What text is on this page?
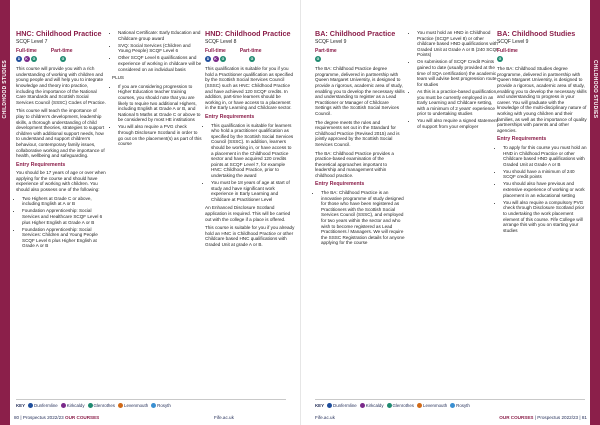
CHILDHOOD STUDIES
HNC: Childhood Practice
SCQF Level 7
Full-time	Part-time
D	K	G	G

This course will provide you with a rich understanding of working with children and young people and will help you to integrate knowledge and theory into practice, including the importance of the National Care Standards and Scottish Social Services Council (SSSC) Codes of Practice.

This course will teach the importance of play to children's development, leadership skills, a thorough understanding of child development theories, strategies to support children with additional support needs, how to understand and support children's behaviour, contemporary family issues, collaborative working and the importance of health, wellbeing and safeguarding.

Entry Requirements

You should be 17 years of age or over when applying for the course and should have experience of working with children. You should also possess one of the following:

• Two Highers at Grade C or above, including English at A or B
• Foundation Apprenticeship: Social Services and Healthcare SCQF Level 6 plus Higher English at Grade A or B
• Foundation Apprenticeship: Social Services: Children and Young People SCQF Level 6 plus Higher English at Grade A or B
• National Certificate: Early Education and Childcare group award
• SVQ: Social Services (Children and Young People) SCQF Level 6
• Other SCQF Level 6 qualifications and experience of working in childcare will be considered on an individual basis

PLUS

• If you are considering progression to Higher Education teacher training courses, you should note that you are likely to require two additional Highers, including English at Grade A or B, and National 5 Maths at Grade C or above to be considered by most HE institutions
• You will also require a PVG check through Disclosure Scotland in order to go out on the placement(s) as part of this course
HND: Childhood Practice
SCQF Level 8
Full-time	Part-time
D	K	G	G

This qualification is suitable for you if you hold a Practitioner qualification as specified by the Scottish Social Services Council (SSSC) such as HNC: Childhood Practice and have achieved 120 SCQF credits. In addition, part-time learners should be working in, or have access to a placement in the Early Learning and Childcare sector.

Entry Requirements
• This qualification is suitable for learners who hold a practitioner qualification as specified by the Scottish Social Services Council (SSSC). In addition, learners should be working in, or have access to a placement in the Childhood Practice sector and have acquired 120 credits points at SCQF Level 7, for example HNC: Childhood Practice, prior to undertaking the award
• You must be 18 years of age at start of study and have significant work experience in Early Learning and Childcare at Practitioner Level

An Enhanced Disclosure Scotland application is required. This will be carried out with the college if a place is offered.

This course is suitable for you if you already hold an HNC in Childhood Practice or other Childcare based HNC qualifications with Graded Unit at grade A or B.

KEY	Dunfermline	Kirkcaldy	Glenrothes	Levenmouth	Rosyth
80 | Prospectus 2022/23 OUR COURSES	Fife.ac.uk
CHILDHOOD STUDIES
BA: Childhood Practice
SCQF Level 9
Part-time
G

The BA: Childhood Practice degree programme, delivered in partnership with Queen Margaret University, is designed to provide a rigorous, academic area of study, enabling you to develop the necessary skills and understanding to register as a Lead Practitioner or Manager of Childcare Settings with the Scottish Social Services Council.

The degree meets the rules and requirements set out in the Standard for Childhood Practice (Revised 2015) and is jointly approved by the Scottish Social Services Council.

The BA: Childhood Practice provides a practice-based examination of the theoretical approaches important to leadership and management within childhood practice.

Entry Requirements
• The BA: Childhood Practice is an innovative programme of study designed for those who have been registered as Practitioners with the Scottish Social Services Council (SSSC), and employed for two years within the sector and who wish to become registered as Lead Practitioners / Managers. We will require the SSSC Registration details for anyone applying for the course
• You must hold an HND in Childhood Practice (SCQF Level 8) or other childcare based HND qualifications with Graded Unit at Grade A or B (240 SCQF Points)
• On submission of SCQF Credit Points gained to date (usually provided at the time of SQA certification) the academic team will advise best progression route for studies
• As this is a practice-based qualification, you must be currently employed in an Early Learning and Childcare setting, with a minimum of 2 years' experience prior to undertaking studies
• You will also require a signed statement of support from your employer
BA: Childhood Studies
SCQF Level 9
Full-time
G

The BA: Childhood Studies degree programme, delivered in partnership with Queen Margaret University, is designed to provide a rigorous, academic area of study, enabling you to develop the necessary skills and understanding to progress in your career. You will graduate with the knowledge of the multi-disciplinary nature of working with young children and their families, as well as the importance of quality partnerships with parents and other agencies.

Entry Requirements
• To apply for this course you must hold an HND in Childhood Practice or other Childcare based HND qualifications with Graded Unit at Grade A or B
• You should have a minimum of 240 SCQF credit points
• You should also have previous and extensive experience of working or work placement in an educational setting
• You will also require a compulsory PVG check through Disclosure Scotland prior to undertaking the work placement element of this course. Fife College will arrange this with you on starting your studies
KEY	Dunfermline	Kirkcaldy	Glenrothes	Levenmouth	Rosyth
Fife.ac.uk	OUR COURSES | Prospectus 2022/23 | 81
